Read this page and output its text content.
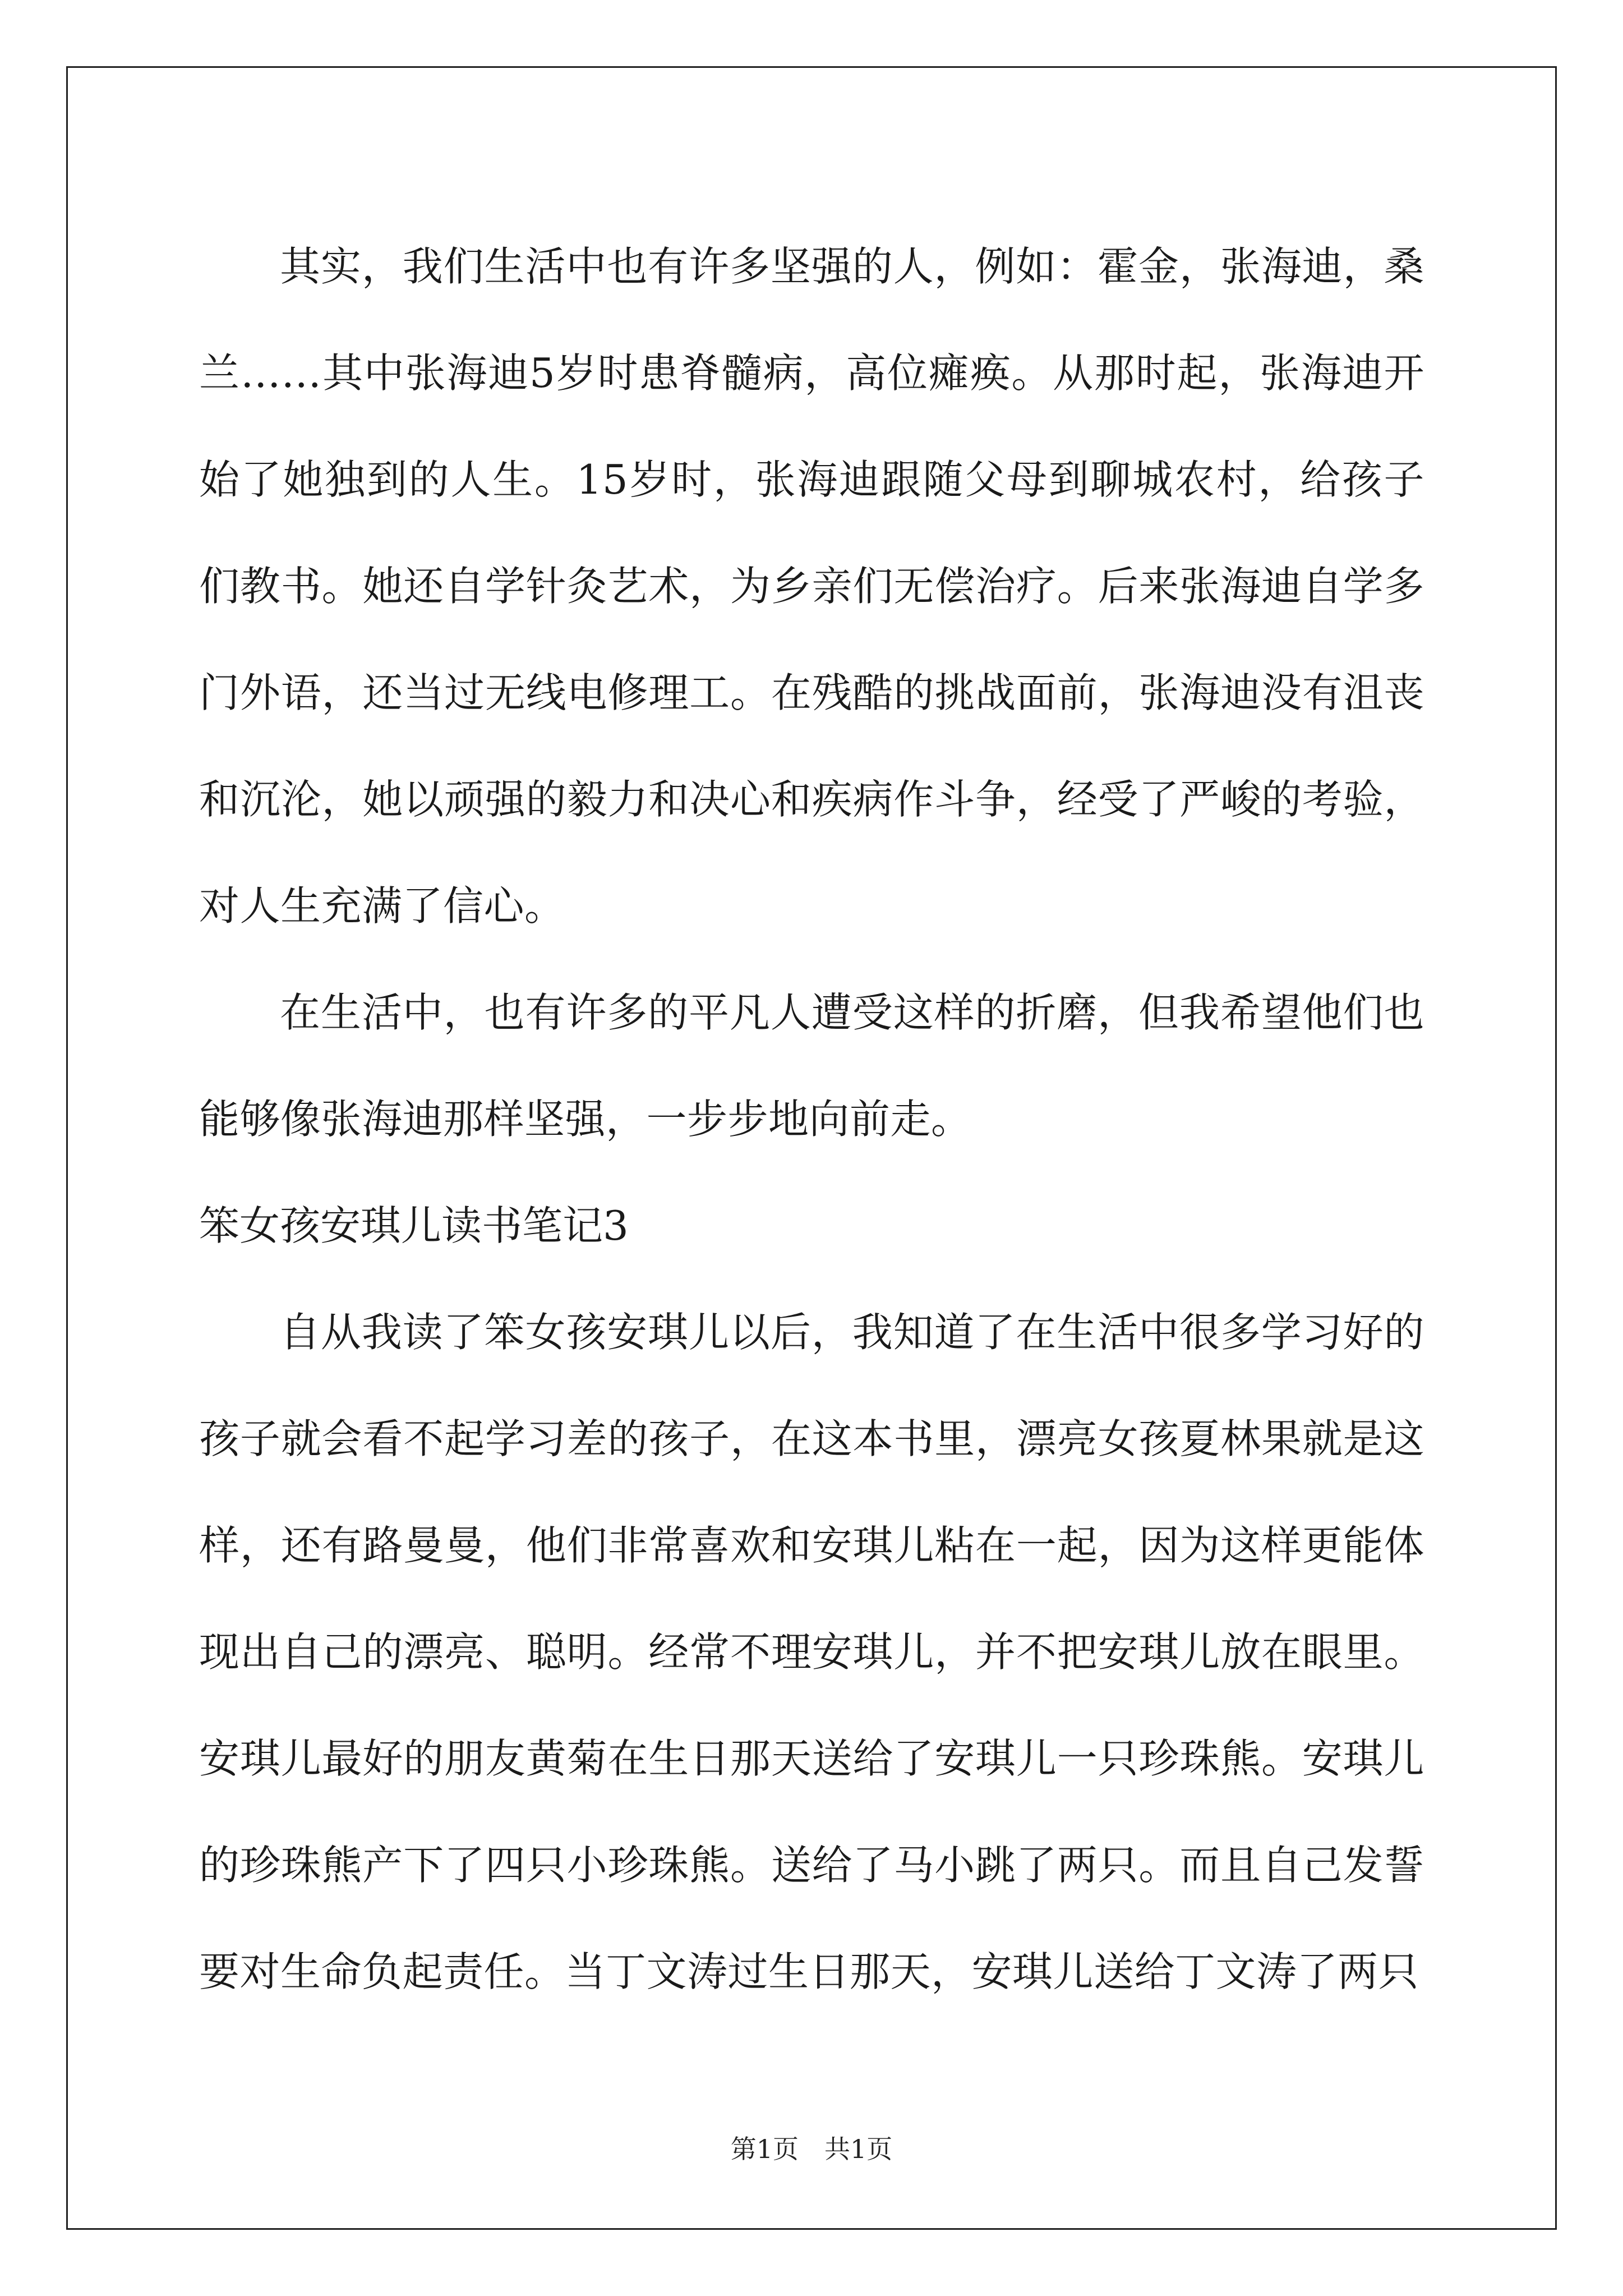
其实，我们生活中也有许多坚强的人，例如：霍金，张海迪，桑兰……其中张海迪5岁时患脊髓病，高位瘫痪。从那时起，张海迪开始了她独到的人生。15岁时，张海迪跟随父母到聊城农村，给孩子们教书。她还自学针灸艺术，为乡亲们无偿治疗。后来张海迪自学多门外语，还当过无线电修理工。在残酷的挑战面前，张海迪没有沮丧和沉沦，她以顽强的毅力和决心和疾病作斗争，经受了严峻的考验，对人生充满了信心。

在生活中，也有许多的平凡人遭受这样的折磨，但我希望他们也能够像张海迪那样坚强，一步步地向前走。

笨女孩安琪儿读书笔记3

自从我读了笨女孩安琪儿以后，我知道了在生活中很多学习好的孩子就会看不起学习差的孩子，在这本书里，漂亮女孩夏林果就是这样，还有路曼曼，他们非常喜欢和安琪儿粘在一起，因为这样更能体现出自己的漂亮、聪明。经常不理安琪儿，并不把安琪儿放在眼里。安琪儿最好的朋友黄菊在生日那天送给了安琪儿一只珍珠熊。安琪儿的珍珠熊产下了四只小珍珠熊。送给了马小跳了两只。而且自己发誓要对生命负起责任。当丁文涛过生日那天，安琪儿送给丁文涛了两只

第1页 共1页
